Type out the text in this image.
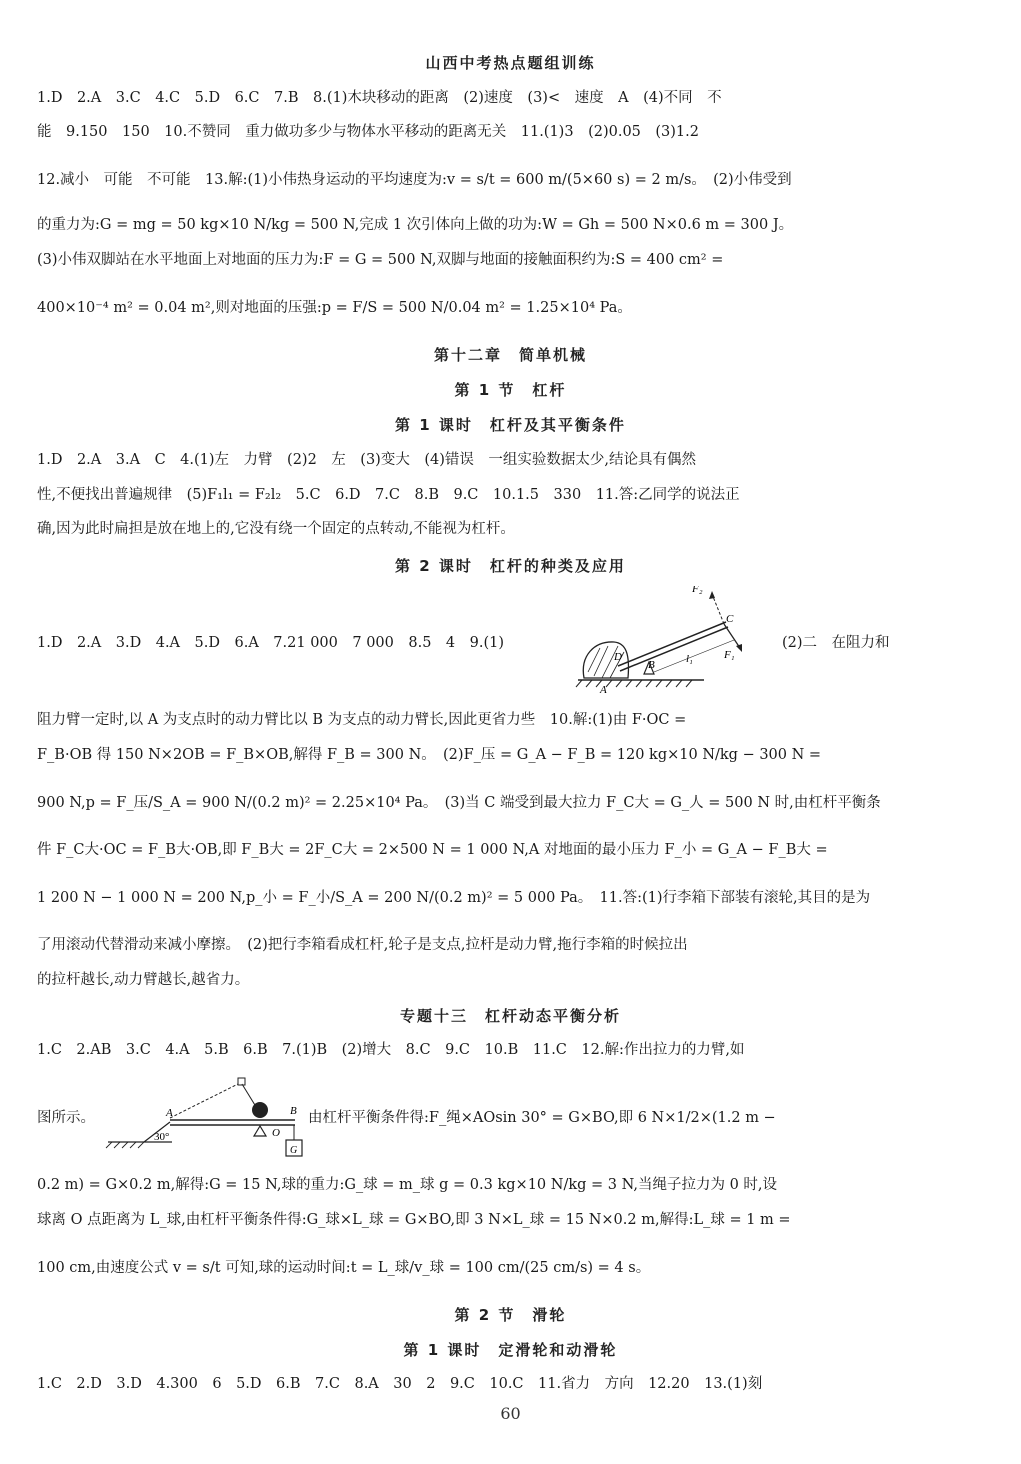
山西中考热点题组训练
1.D　2.A　3.C　4.C　5.D　6.C　7.B　8.(1)木块移动的距离　(2)速度　(3)<　速度　A　(4)不同　不
能　9.150　150　10.不赞同　重力做功多少与物体水平移动的距离无关　11.(1)3　(2)0.05　(3)1.2
12.减小　可能　不可能　13.解:(1)小伟热身运动的平均速度为:v = s/t = 600 m/(5×60 s) = 2 m/s。　(2)小伟受到
的重力为:G = mg = 50 kg×10 N/kg = 500 N,完成 1 次引体向上做的功为:W = Gh = 500 N×0.6 m = 300 J。
(3)小伟双脚站在水平地面上对地面的压力为:F = G = 500 N,双脚与地面的接触面积约为:S = 400 cm² =
400×10⁻⁴ m² = 0.04 m²,则对地面的压强:p = F/S = 500 N/0.04 m² = 1.25×10⁴ Pa。
第十二章　简单机械
第 1 节　杠杆
第 1 课时　杠杆及其平衡条件
1.D　2.A　3.A　C　4.(1)左　力臂　(2)2　左　(3)变大　(4)错误　一组实验数据太少,结论具有偶然
性,不便找出普遍规律　(5)F₁l₁ = F₂l₂　5.C　6.D　7.C　8.B　9.C　10.1.5　330　11.答:乙同学的说法正
确,因为此时扁担是放在地上的,它没有绕一个固定的点转动,不能视为杠杆。
第 2 课时　杠杆的种类及应用
1.D　2.A　3.D　4.A　5.D　6.A　7.21 000　7 000　8.5　4　9.(1)
F₂
C
F₁
D
B	l₁
A
(2)二　在阻力和
阻力臂一定时,以 A 为支点时的动力臂比以 B 为支点的动力臂长,因此更省力些　10.解:(1)由 F·OC =
F_B·OB 得 150 N×2OB = F_B×OB,解得 F_B = 300 N。　(2)F_压 = G_A − F_B = 120 kg×10 N/kg − 300 N =
900 N,p = F_压/S_A = 900 N/(0.2 m)² = 2.25×10⁴ Pa。　(3)当 C 端受到最大拉力 F_C大 = G_人 = 500 N 时,由杠杆平衡条
件 F_C大·OC = F_B大·OB,即 F_B大 = 2F_C大 = 2×500 N = 1 000 N,A 对地面的最小压力 F_小 = G_A − F_B大 =
1 200 N − 1 000 N = 200 N,p_小 = F_小/S_A = 200 N/(0.2 m)² = 5 000 Pa。　11.答:(1)行李箱下部装有滚轮,其目的是为
了用滚动代替滑动来减小摩擦。　(2)把行李箱看成杠杆,轮子是支点,拉杆是动力臂,拖行李箱的时候拉出
的拉杆越长,动力臂越长,越省力。
专题十三　杠杆动态平衡分析
1.C　2.AB　3.C　4.A　5.B　6.B　7.(1)B　(2)增大　8.C　9.C　10.B　11.C　12.解:作出拉力的力臂,如
图所示。	A	B
O
G
30°
由杠杆平衡条件得:F_绳×AOsin 30° = G×BO,即 6 N×1/2×(1.2 m −
0.2 m) = G×0.2 m,解得:G = 15 N,球的重力:G_球 = m_球 g = 0.3 kg×10 N/kg = 3 N,当绳子拉力为 0 时,设
球离 O 点距离为 L_球,由杠杆平衡条件得:G_球×L_球 = G×BO,即 3 N×L_球 = 15 N×0.2 m,解得:L_球 = 1 m =
100 cm,由速度公式 v = s/t 可知,球的运动时间:t = L_球/v_球 = 100 cm/(25 cm/s) = 4 s。
第 2 节　滑轮
第 1 课时　定滑轮和动滑轮
1.C　2.D　3.D　4.300　6　5.D　6.B　7.C　8.A　30　2　9.C　10.C　11.省力　方向　12.20　13.(1)刻
60
